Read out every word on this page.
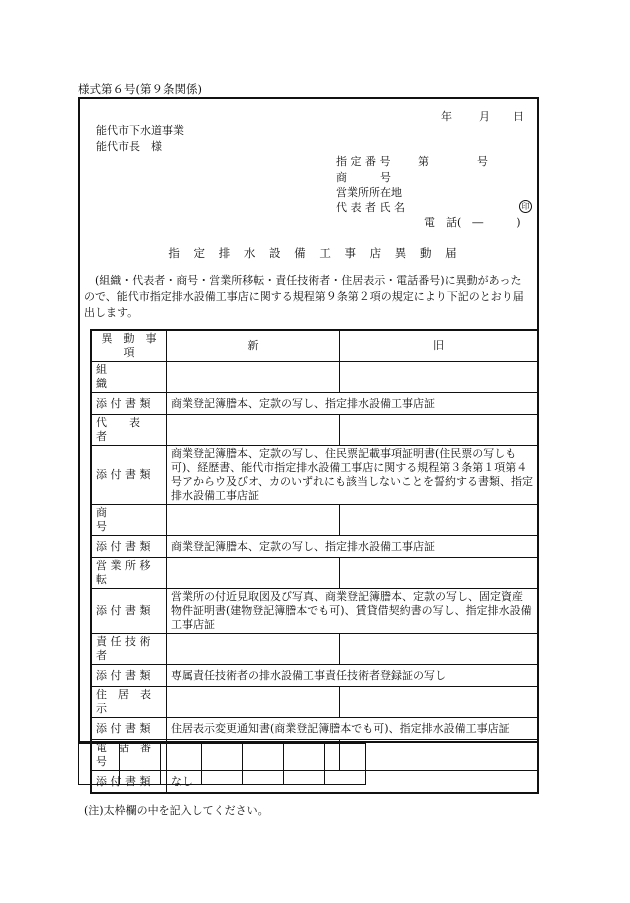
様式第６号(第９条関係)
年 月 日
能代市下水道事業
能代市長　様
指 定 番 号	第	号
商　　　号
営業所所在地
代 表 者 氏 名	印
電　話(　―　　　)
指 定 排 水 設 備 工 事 店 異 動 届
(組織・代表者・商号・営業所移転・責任技術者・住居表示・電話番号)に異動があったので、能代市指定排水設備工事店に関する規程第９条第２項の規定により下記のとおり届出します。
異　動　事　項	新	旧
組　　　　　織		
添 付 書 類	商業登記簿謄本、定款の写し、指定排水設備工事店証	
代　　表　　者		
添 付 書 類	商業登記簿謄本、定款の写し、住民票記載事項証明書(住民票の写しも可)、経歴書、能代市指定排水設備工事店に関する規程第３条第１項第４号アからウ及びオ、カのいずれにも該当しないことを誓約する書類、指定排水設備工事店証	
商　　　　　号		
添 付 書 類	商業登記簿謄本、定款の写し、指定排水設備工事店証	
営 業 所 移 転		
添 付 書 類	営業所の付近見取図及び写真、商業登記簿謄本、定款の写し、固定資産物件証明書(建物登記簿謄本でも可)、賃貸借契約書の写し、指定排水設備工事店証	
責 任 技 術 者		
添 付 書 類	専属責任技術者の排水設備工事責任技術者登録証の写し	
住　居　表　示		
添 付 書 類	住居表示変更通知書(商業登記簿謄本でも可)、指定排水設備工事店証	
電　話　番　号		
添 付 書 類	なし	

(注)太枠欄の中を記入してください。
